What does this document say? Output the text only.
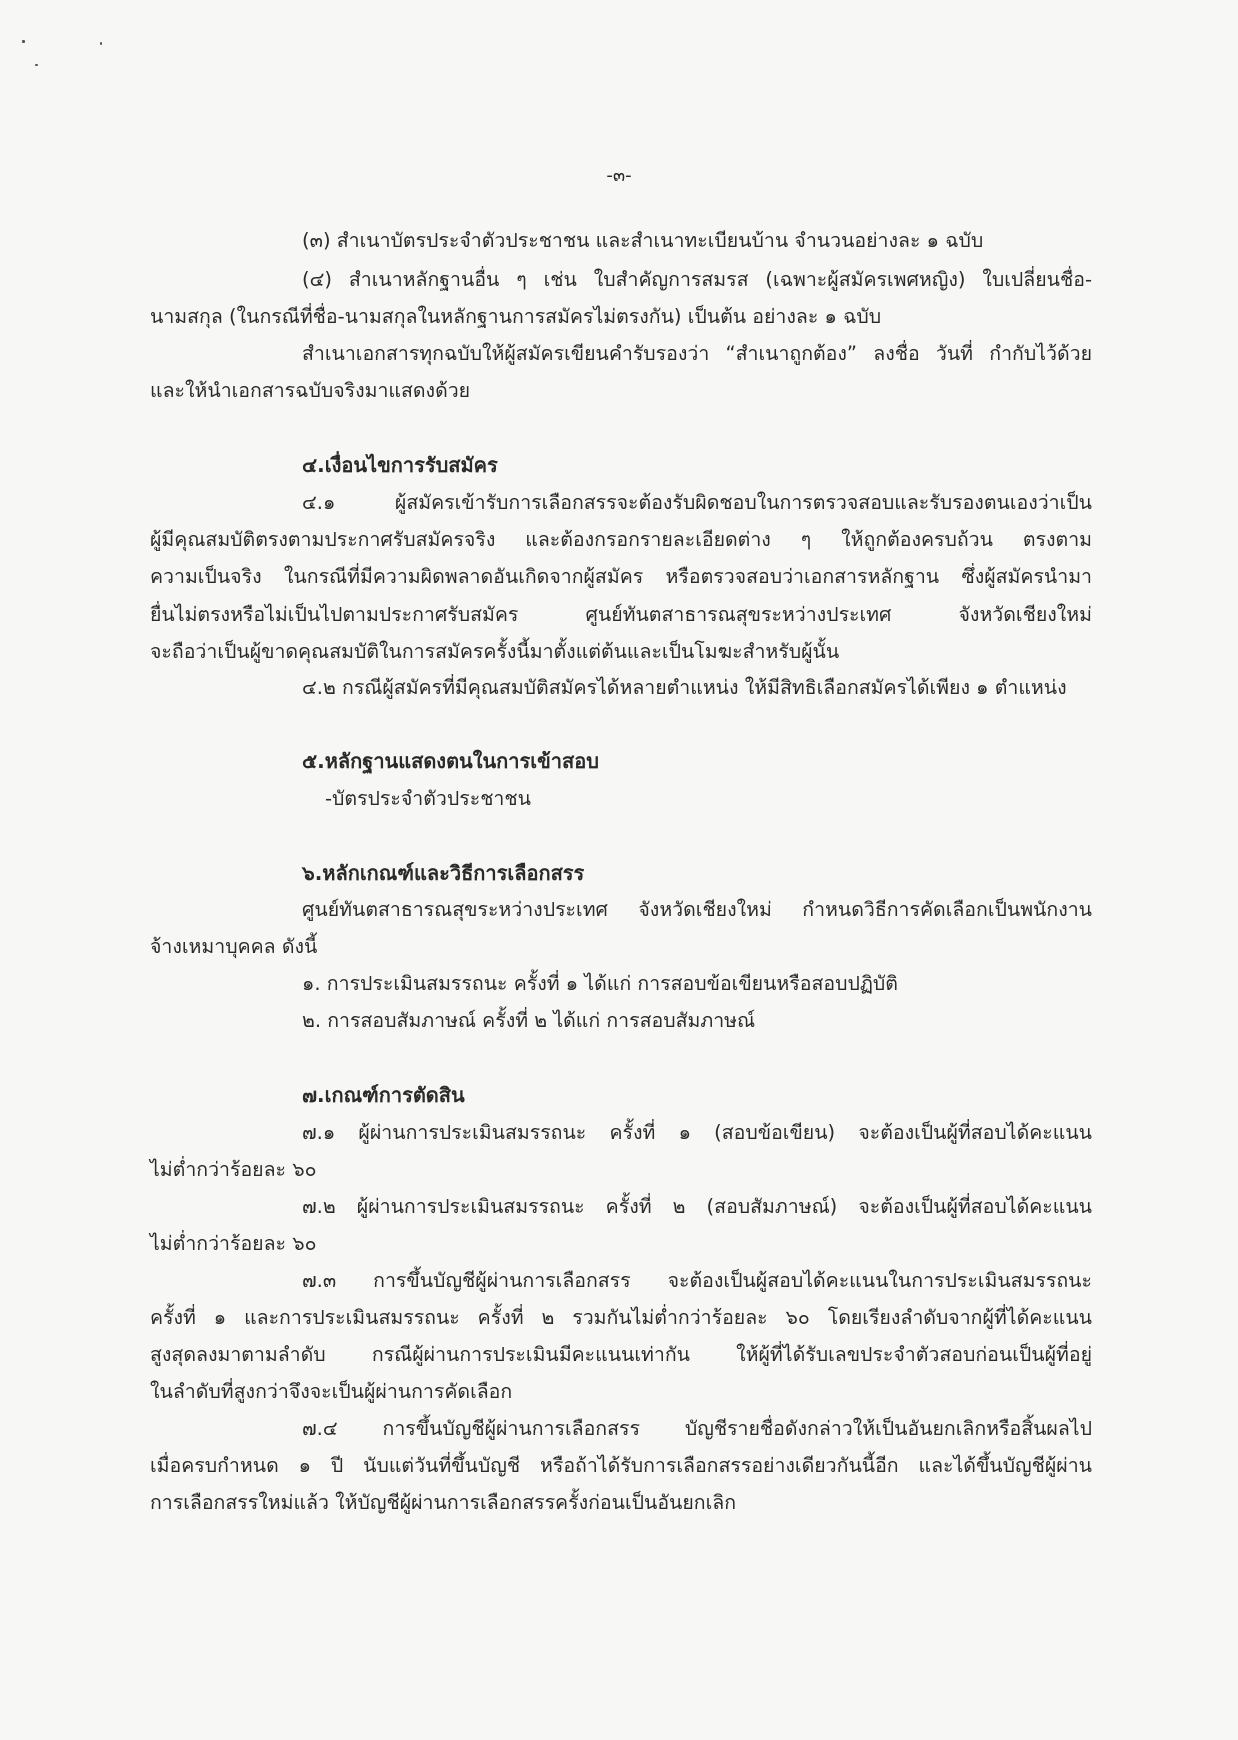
-๓-
(๓) สำเนาบัตรประจำตัวประชาชน และสำเนาทะเบียนบ้าน จำนวนอย่างละ ๑ ฉบับ
(๔) สำเนาหลักฐานอื่น ๆ เช่น ใบสำคัญการสมรส (เฉพาะผู้สมัครเพศหญิง) ใบเปลี่ยนชื่อ-
นามสกุล (ในกรณีที่ชื่อ-นามสกุลในหลักฐานการสมัครไม่ตรงกัน) เป็นต้น อย่างละ ๑ ฉบับ
สำเนาเอกสารทุกฉบับให้ผู้สมัครเขียนคำรับรองว่า “สำเนาถูกต้อง” ลงชื่อ วันที่ กำกับไว้ด้วย
และให้นำเอกสารฉบับจริงมาแสดงด้วย
๔.เงื่อนไขการรับสมัคร
๔.๑ ผู้สมัครเข้ารับการเลือกสรรจะต้องรับผิดชอบในการตรวจสอบและรับรองตนเองว่าเป็น
ผู้มีคุณสมบัติตรงตามประกาศรับสมัครจริง และต้องกรอกรายละเอียดต่าง ๆ ให้ถูกต้องครบถ้วน ตรงตาม
ความเป็นจริง ในกรณีที่มีความผิดพลาดอันเกิดจากผู้สมัคร หรือตรวจสอบว่าเอกสารหลักฐาน ซึ่งผู้สมัครนำมา
ยื่นไม่ตรงหรือไม่เป็นไปตามประกาศรับสมัคร ศูนย์ทันตสาธารณสุขระหว่างประเทศ จังหวัดเชียงใหม่
จะถือว่าเป็นผู้ขาดคุณสมบัติในการสมัครครั้งนี้มาตั้งแต่ต้นและเป็นโมฆะสำหรับผู้นั้น
๔.๒ กรณีผู้สมัครที่มีคุณสมบัติสมัครได้หลายตำแหน่ง ให้มีสิทธิเลือกสมัครได้เพียง ๑ ตำแหน่ง
๕.หลักฐานแสดงตนในการเข้าสอบ
-บัตรประจำตัวประชาชน
๖.หลักเกณฑ์และวิธีการเลือกสรร
ศูนย์ทันตสาธารณสุขระหว่างประเทศ จังหวัดเชียงใหม่ กำหนดวิธีการคัดเลือกเป็นพนักงาน
จ้างเหมาบุคคล ดังนี้
๑. การประเมินสมรรถนะ ครั้งที่ ๑ ได้แก่ การสอบข้อเขียนหรือสอบปฏิบัติ
๒. การสอบสัมภาษณ์ ครั้งที่ ๒ ได้แก่ การสอบสัมภาษณ์
๗.เกณฑ์การตัดสิน
๗.๑ ผู้ผ่านการประเมินสมรรถนะ ครั้งที่ ๑ (สอบข้อเขียน) จะต้องเป็นผู้ที่สอบได้คะแนน
ไม่ต่ำกว่าร้อยละ ๖๐
๗.๒ ผู้ผ่านการประเมินสมรรถนะ ครั้งที่ ๒ (สอบสัมภาษณ์) จะต้องเป็นผู้ที่สอบได้คะแนน
ไม่ต่ำกว่าร้อยละ ๖๐
๗.๓ การขึ้นบัญชีผู้ผ่านการเลือกสรร จะต้องเป็นผู้สอบได้คะแนนในการประเมินสมรรถนะ
ครั้งที่ ๑ และการประเมินสมรรถนะ ครั้งที่ ๒ รวมกันไม่ต่ำกว่าร้อยละ ๖๐ โดยเรียงลำดับจากผู้ที่ได้คะแนน
สูงสุดลงมาตามลำดับ กรณีผู้ผ่านการประเมินมีคะแนนเท่ากัน ให้ผู้ที่ได้รับเลขประจำตัวสอบก่อนเป็นผู้ที่อยู่
ในลำดับที่สูงกว่าจึงจะเป็นผู้ผ่านการคัดเลือก
๗.๔ การขึ้นบัญชีผู้ผ่านการเลือกสรร บัญชีรายชื่อดังกล่าวให้เป็นอันยกเลิกหรือสิ้นผลไป
เมื่อครบกำหนด ๑ ปี นับแต่วันที่ขึ้นบัญชี หรือถ้าได้รับการเลือกสรรอย่างเดียวกันนี้อีก และได้ขึ้นบัญชีผู้ผ่าน
การเลือกสรรใหม่แล้ว ให้บัญชีผู้ผ่านการเลือกสรรครั้งก่อนเป็นอันยกเลิก
